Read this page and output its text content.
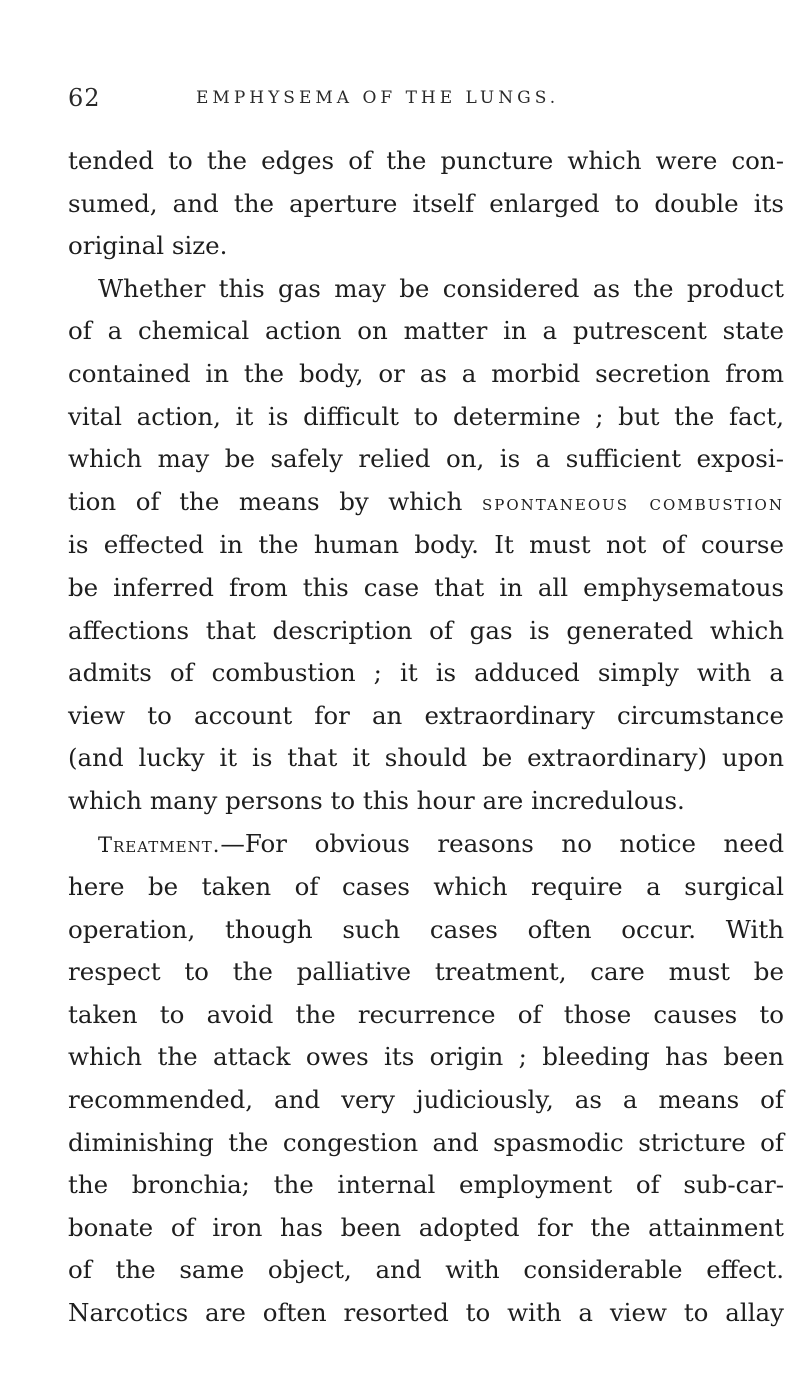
62	EMPHYSEMA OF THE LUNGS.
tended to the edges of the puncture which were con-
sumed, and the aperture itself enlarged to double its
original size.
Whether this gas may be considered as the product
of a chemical action on matter in a putrescent state
contained in the body, or as a morbid secretion from
vital action, it is difficult to determine ; but the fact,
which may be safely relied on, is a sufficient exposi-
tion of the means by which spontaneous combustion
is effected in the human body. It must not of course
be inferred from this case that in all emphysematous
affections that description of gas is generated which
admits of combustion ; it is adduced simply with a
view to account for an extraordinary circumstance
(and lucky it is that it should be extraordinary) upon
which many persons to this hour are incredulous.
Treatment.—For obvious reasons no notice need
here be taken of cases which require a surgical
operation, though such cases often occur. With
respect to the palliative treatment, care must be
taken to avoid the recurrence of those causes to
which the attack owes its origin ; bleeding has been
recommended, and very judiciously, as a means of
diminishing the congestion and spasmodic stricture of
the bronchia; the internal employment of sub-car-
bonate of iron has been adopted for the attainment
of the same object, and with considerable effect.
Narcotics are often resorted to with a view to allay
